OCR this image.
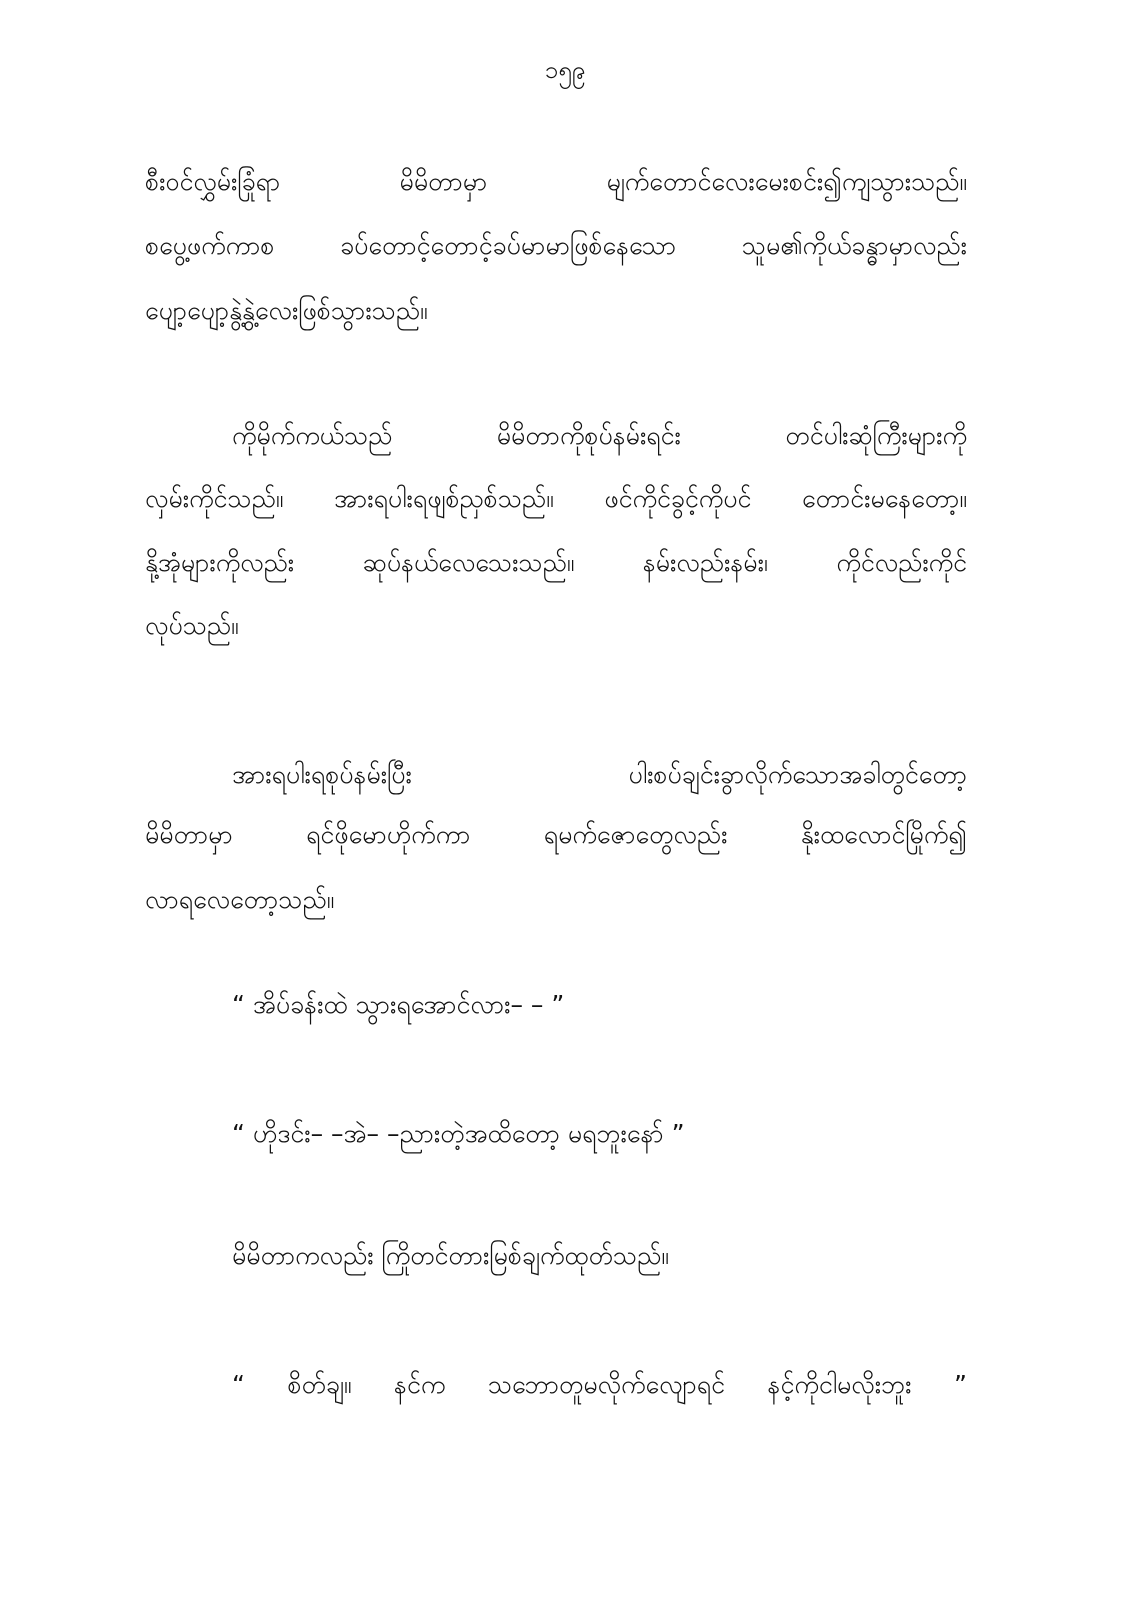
၁၅၉
စီးဝင်လွှမ်းခြုံရာ မိမိတာမှာ မျက်တောင်လေးမေးစင်း၍ကျသွားသည်။
စပွေ့ဖက်ကာစ ခပ်တောင့်တောင့်ခပ်မာမာဖြစ်နေသော သူမ၏ကိုယ်ခန္ဓာမှာလည်း
ပျော့ပျော့နွဲ့နွဲ့လေးဖြစ်သွားသည်။
ကိုမိုက်ကယ်သည် မိမိတာကိုစုပ်နမ်းရင်း တင်ပါးဆုံကြီးများကို
လှမ်းကိုင်သည်။ အားရပါးရဖျစ်ညှစ်သည်။ ဖင်ကိုင်ခွင့်ကိုပင် တောင်းမနေတော့။
နို့အုံများကိုလည်း ဆုပ်နယ်လေသေးသည်။ နမ်းလည်းနမ်း၊ ကိုင်လည်းကိုင်
လုပ်သည်။
အားရပါးရစုပ်နမ်းပြီး ပါးစပ်ချင်းခွာလိုက်သောအခါတွင်တော့
မိမိတာမှာ ရင်ဖိုမောဟိုက်ကာ ရမက်ဇောတွေလည်း နိုးထလောင်မြိုက်၍
လာရလေတော့သည်။
“ အိပ်ခန်းထဲ သွားရအောင်လား– – ”
“ ဟိုဒင်း– –အဲ– –ညားတဲ့အထိတော့ မရဘူးနော် ”
မိမိတာကလည်း ကြိုတင်တားမြစ်ချက်ထုတ်သည်။
“ စိတ်ချ။ နင်က သဘောတူမလိုက်လျောရင် နင့်ကိုငါမလိုးဘူး ”
